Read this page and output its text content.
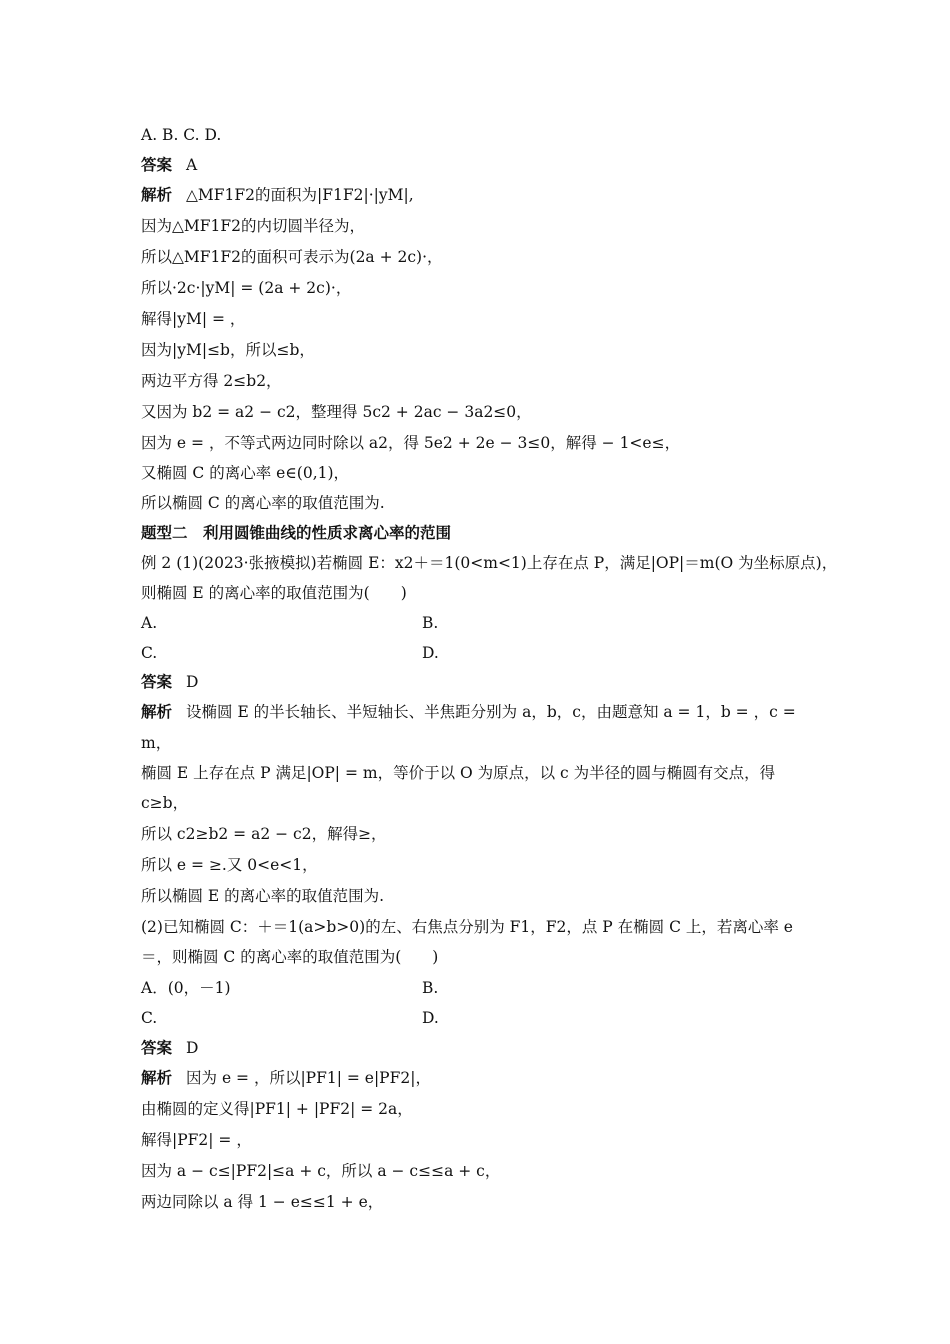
A. B. C. D.
答案 A
解析 △MF1F2的面积为|F1F2|·|yM|,
因为△MF1F2的内切圆半径为，
所以△MF1F2的面积可表示为(2a + 2c)·，
所以·2c·|yM| = (2a + 2c)·，
解得|yM| = ，
因为|yM|≤b，所以≤b，
两边平方得 2≤b2，
又因为 b2 = a2 − c2，整理得 5c2 + 2ac − 3a2≤0，
因为 e = ，不等式两边同时除以 a2，得 5e2 + 2e − 3≤0，解得 − 1<e≤，
又椭圆 C 的离心率 e∈(0,1)，
所以椭圆 C 的离心率的取值范围为.
题型二　利用圆锥曲线的性质求离心率的范围
例 2 (1)(2023·张掖模拟)若椭圆 E：x2＋＝1(0<m<1)上存在点 P，满足|OP|＝m(O 为坐标原点)，
则椭圆 E 的离心率的取值范围为(　　)
A.	B.
C.	D.
答案 D
解析 设椭圆 E 的半长轴长、半短轴长、半焦距分别为 a，b，c，由题意知 a = 1，b = ，c =
m，
椭圆 E 上存在点 P 满足|OP| = m，等价于以 O 为原点，以 c 为半径的圆与椭圆有交点，得
c≥b，
所以 c2≥b2 = a2 − c2，解得≥，
所以 e = ≥.又 0<e<1，
所以椭圆 E 的离心率的取值范围为.
(2)已知椭圆 C：＋＝1(a>b>0)的左、右焦点分别为 F1，F2，点 P 在椭圆 C 上，若离心率 e
＝，则椭圆 C 的离心率的取值范围为(　　)
A．(0，－1)	B.
C.	D.
答案 D
解析 因为 e = ，所以|PF1| = e|PF2|，
由椭圆的定义得|PF1| + |PF2| = 2a，
解得|PF2| = ，
因为 a − c≤|PF2|≤a + c，所以 a − c≤≤a + c，
两边同除以 a 得 1 − e≤≤1 + e，
